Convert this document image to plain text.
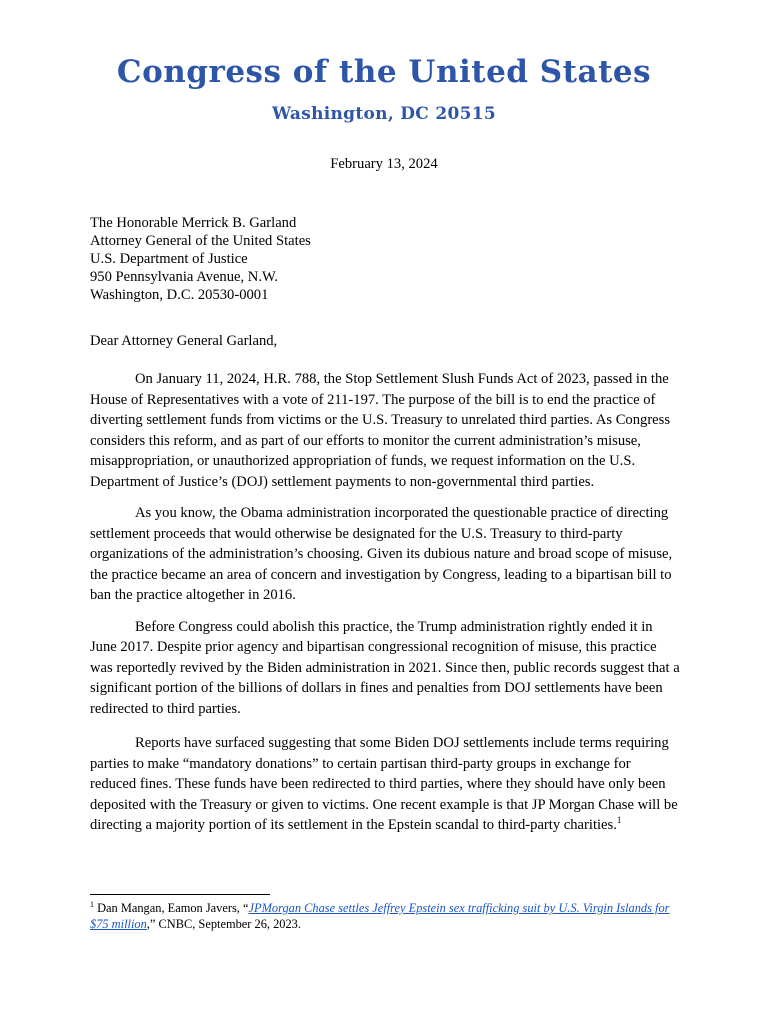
Congress of the United States
Washington, DC 20515
February 13, 2024
The Honorable Merrick B. Garland
Attorney General of the United States
U.S. Department of Justice
950 Pennsylvania Avenue, N.W.
Washington, D.C. 20530-0001
Dear Attorney General Garland,

On January 11, 2024, H.R. 788, the Stop Settlement Slush Funds Act of 2023, passed in the House of Representatives with a vote of 211-197. The purpose of the bill is to end the practice of diverting settlement funds from victims or the U.S. Treasury to unrelated third parties. As Congress considers this reform, and as part of our efforts to monitor the current administration’s misuse, misappropriation, or unauthorized appropriation of funds, we request information on the U.S. Department of Justice’s (DOJ) settlement payments to non-governmental third parties.

As you know, the Obama administration incorporated the questionable practice of directing settlement proceeds that would otherwise be designated for the U.S. Treasury to third-party organizations of the administration’s choosing. Given its dubious nature and broad scope of misuse, the practice became an area of concern and investigation by Congress, leading to a bipartisan bill to ban the practice altogether in 2016.

Before Congress could abolish this practice, the Trump administration rightly ended it in June 2017. Despite prior agency and bipartisan congressional recognition of misuse, this practice was reportedly revived by the Biden administration in 2021. Since then, public records suggest that a significant portion of the billions of dollars in fines and penalties from DOJ settlements have been redirected to third parties.

Reports have surfaced suggesting that some Biden DOJ settlements include terms requiring parties to make “mandatory donations” to certain partisan third-party groups in exchange for reduced fines. These funds have been redirected to third parties, where they should have only been deposited with the Treasury or given to victims. One recent example is that JP Morgan Chase will be directing a majority portion of its settlement in the Epstein scandal to third-party charities.$^1$

$^1$ Dan Mangan, Eamon Javers, “JPMorgan Chase settles Jeffrey Epstein sex trafficking suit by U.S. Virgin Islands for $75 million,” CNBC, September 26, 2023.
